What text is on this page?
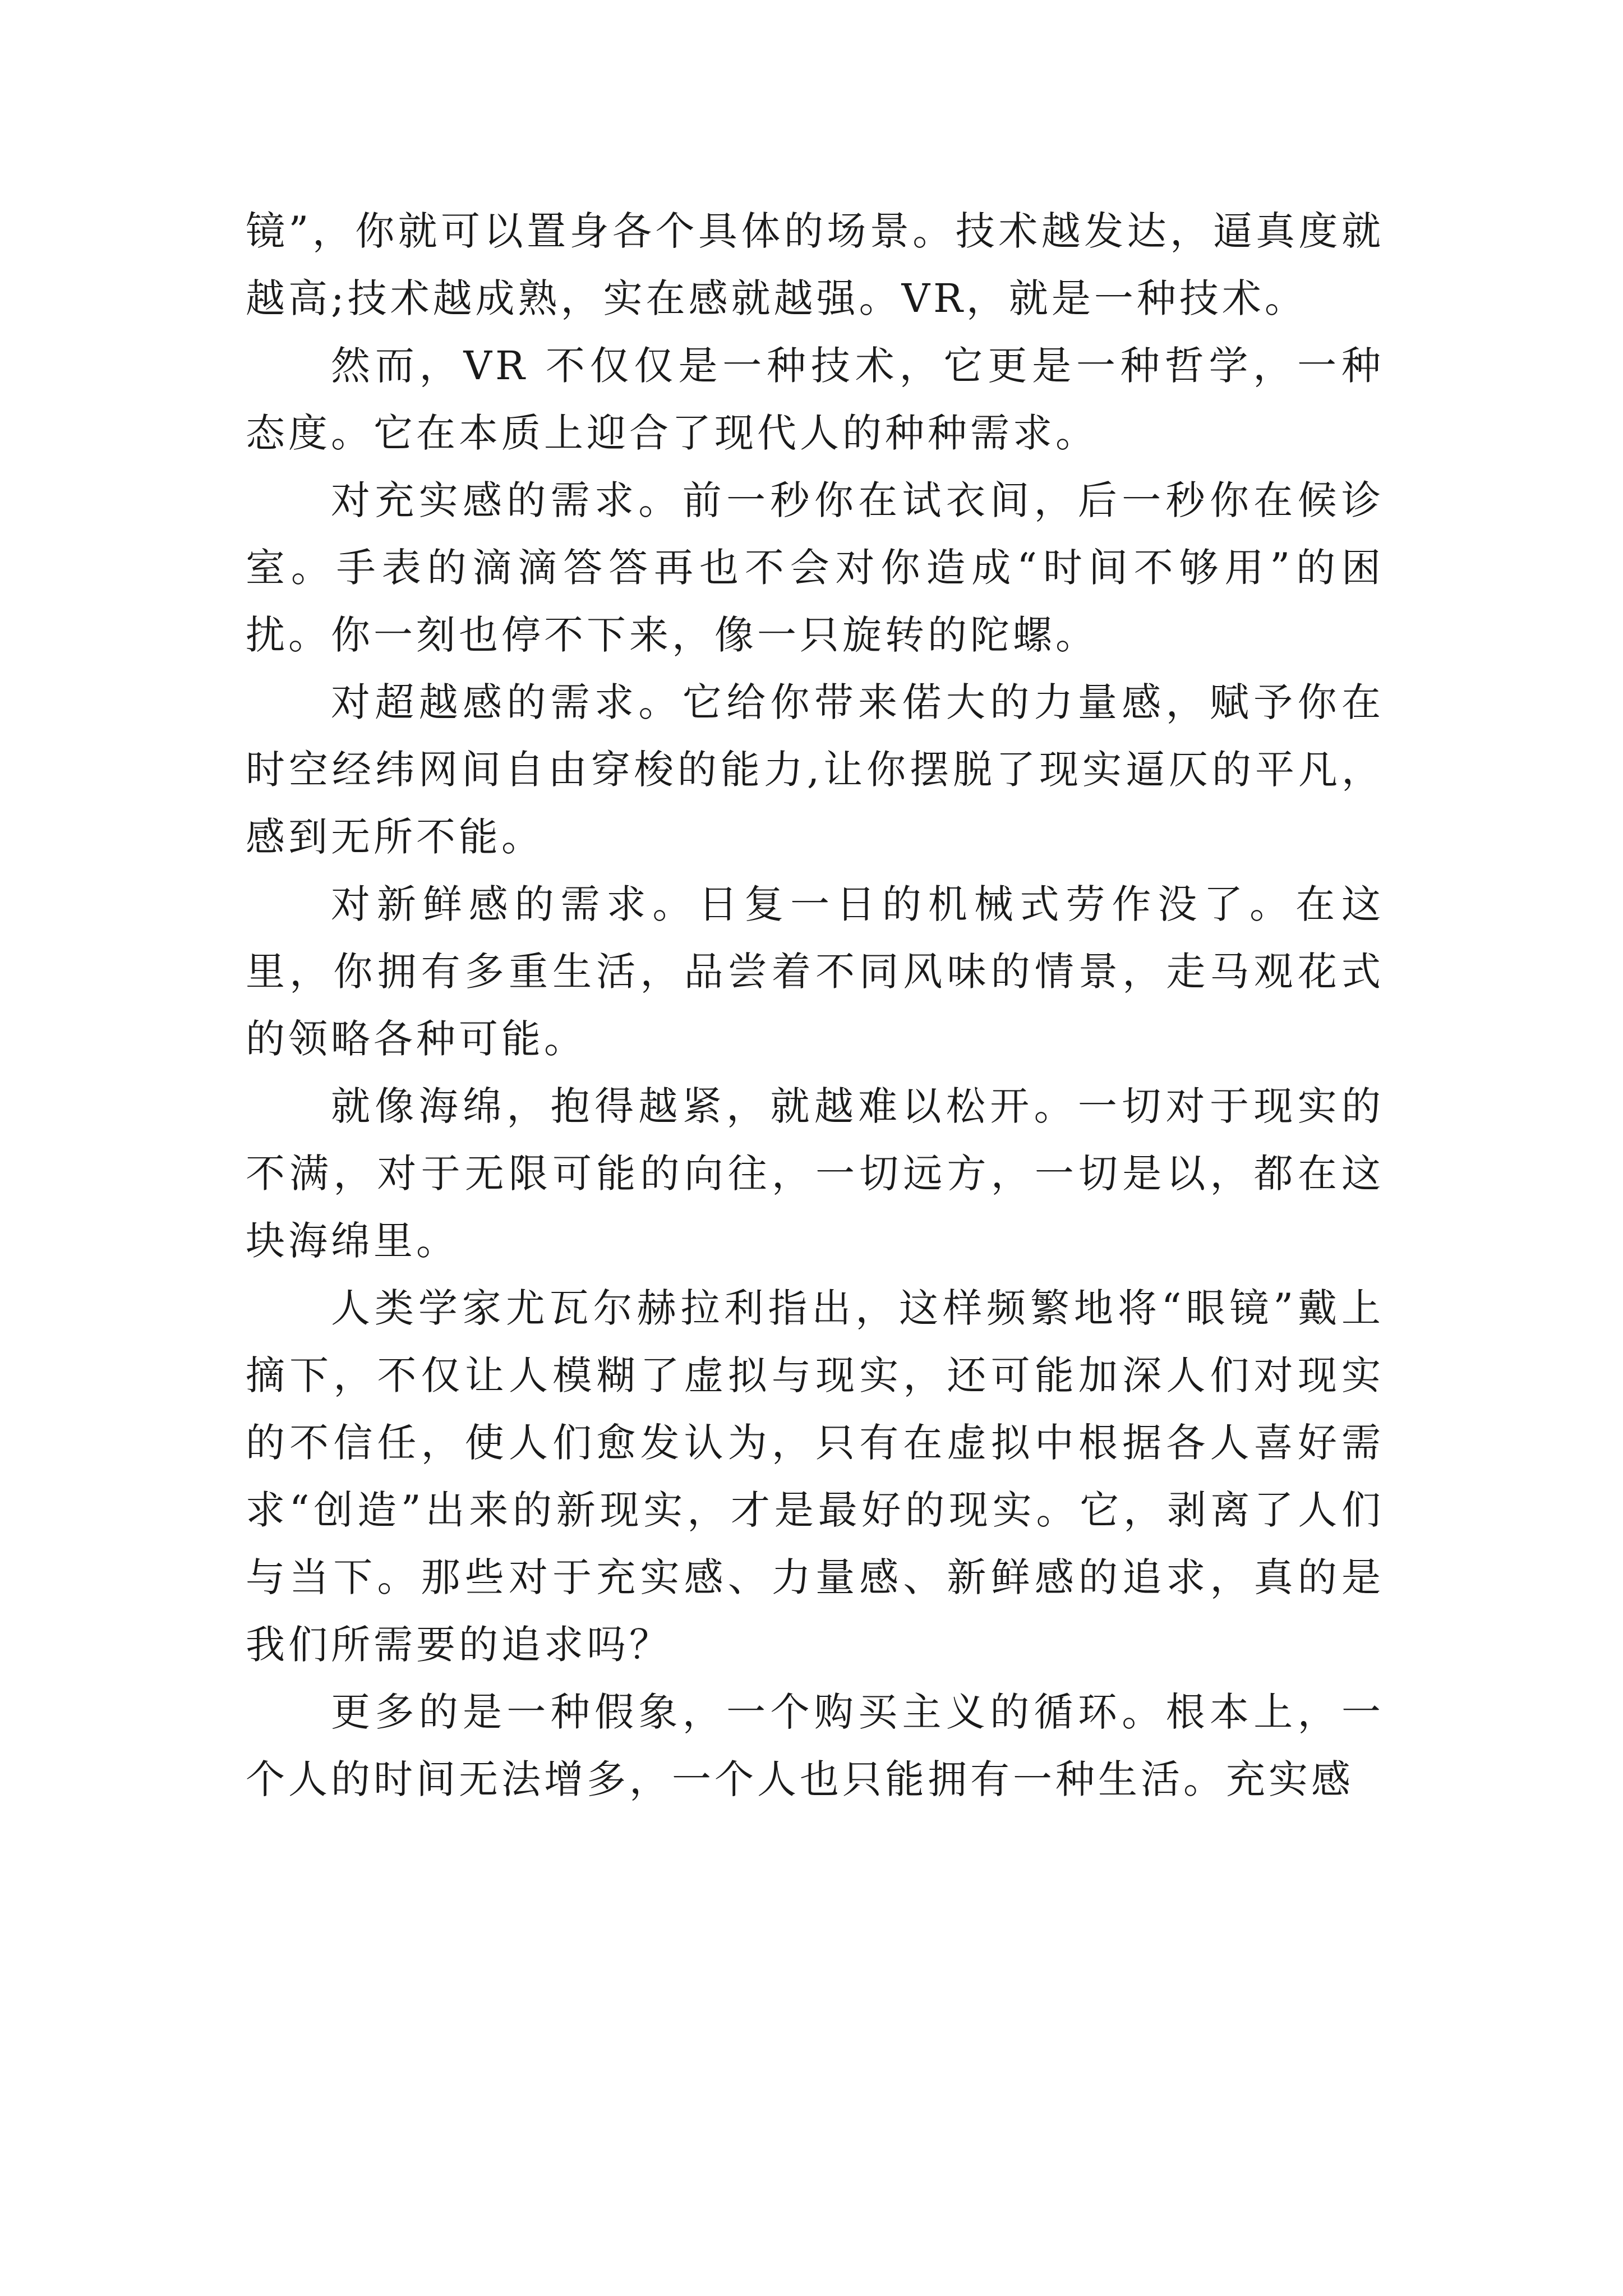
镜”，你就可以置身各个具体的场景。技术越发达，逼真度就越高;技术越成熟，实在感就越强。VR，就是一种技术。

然而，VR 不仅仅是一种技术，它更是一种哲学，一种态度。它在本质上迎合了现代人的种种需求。

对充实感的需求。前一秒你在试衣间，后一秒你在候诊室。手表的滴滴答答再也不会对你造成“时间不够用”的困扰。你一刻也停不下来，像一只旋转的陀螺。

对超越感的需求。它给你带来偌大的力量感，赋予你在时空经纬网间自由穿梭的能力,让你摆脱了现实逼仄的平凡，感到无所不能。

对新鲜感的需求。日复一日的机械式劳作没了。在这里，你拥有多重生活，品尝着不同风味的情景，走马观花式的领略各种可能。

就像海绵，抱得越紧，就越难以松开。一切对于现实的不满，对于无限可能的向往，一切远方，一切是以，都在这块海绵里。

人类学家尤瓦尔赫拉利指出，这样频繁地将“眼镜”戴上摘下，不仅让人模糊了虚拟与现实，还可能加深人们对现实的不信任，使人们愈发认为，只有在虚拟中根据各人喜好需求“创造”出来的新现实，才是最好的现实。它，剥离了人们与当下。那些对于充实感、力量感、新鲜感的追求，真的是我们所需要的追求吗？

更多的是一种假象，一个购买主义的循环。根本上，一个人的时间无法增多，一个人也只能拥有一种生活。充实感
